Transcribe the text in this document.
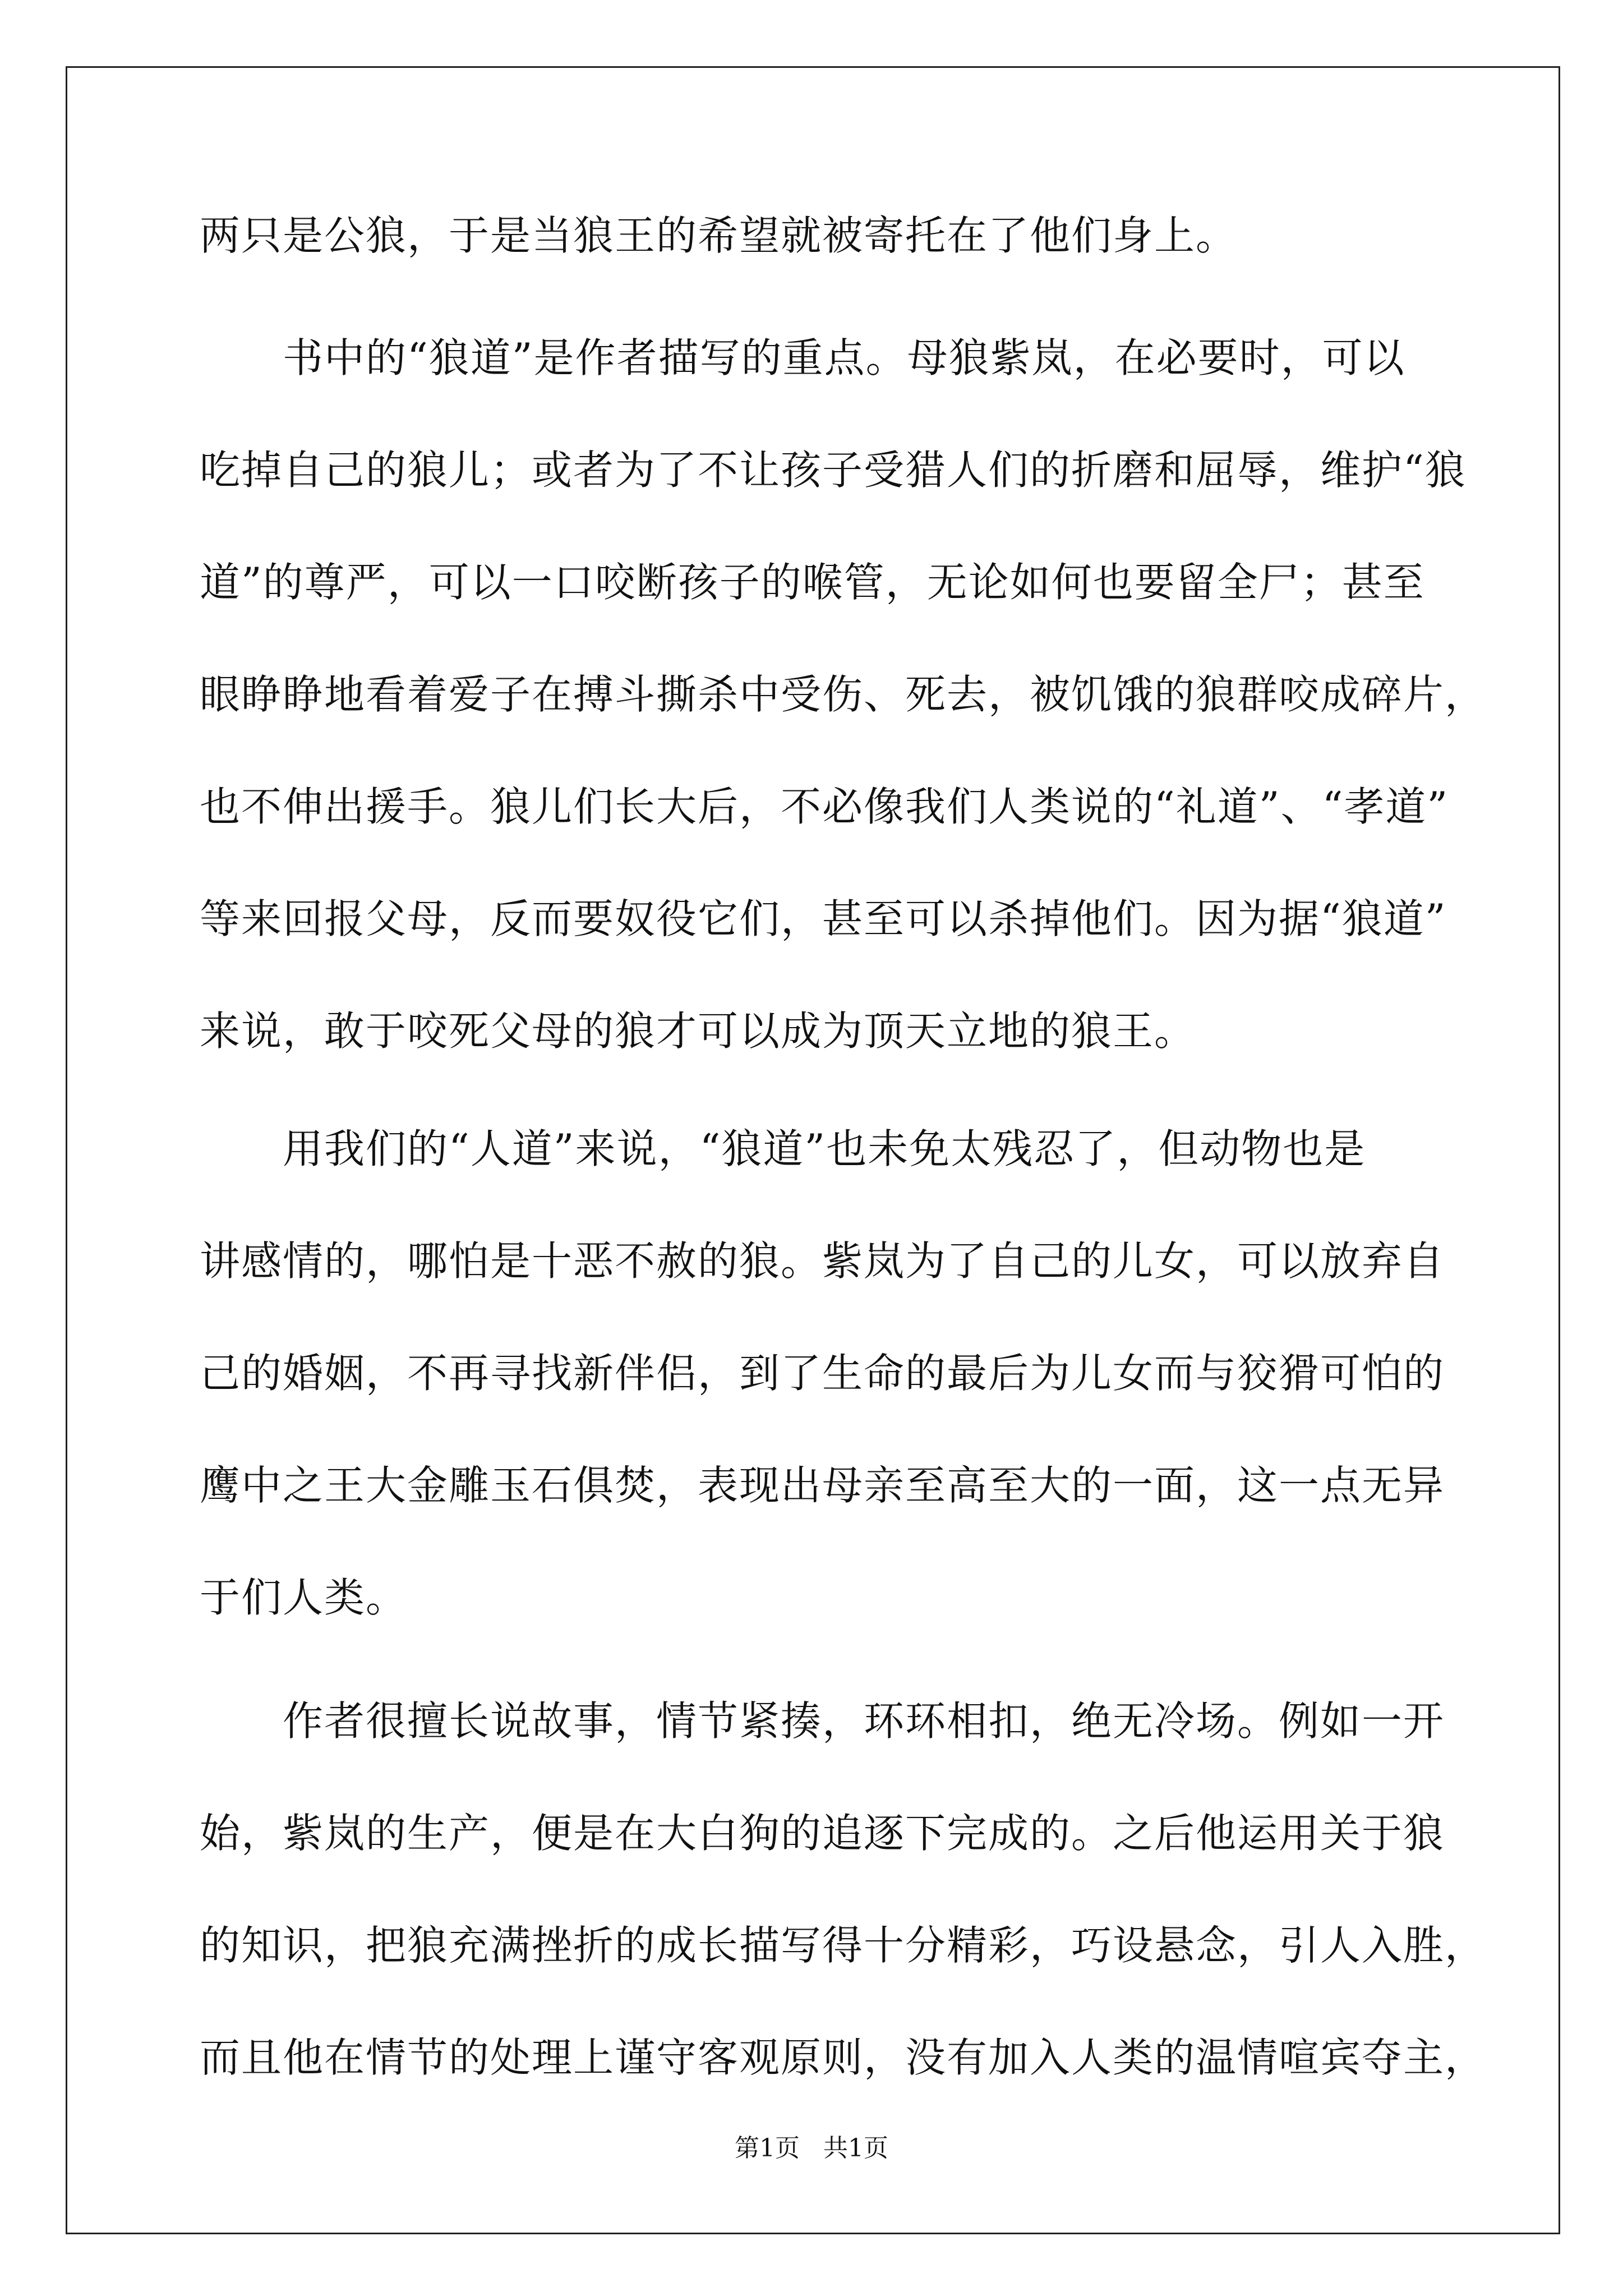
两只是公狼，于是当狼王的希望就被寄托在了他们身上。
　　书中的“狼道”是作者描写的重点。母狼紫岚，在必要时，可以
吃掉自己的狼儿；或者为了不让孩子受猎人们的折磨和屈辱，维护“狼
道”的尊严，可以一口咬断孩子的喉管，无论如何也要留全尸；甚至
眼睁睁地看着爱子在搏斗撕杀中受伤、死去，被饥饿的狼群咬成碎片，
也不伸出援手。狼儿们长大后，不必像我们人类说的“礼道”、“孝道”
等来回报父母，反而要奴役它们，甚至可以杀掉他们。因为据“狼道”
来说，敢于咬死父母的狼才可以成为顶天立地的狼王。
　　用我们的“人道”来说，“狼道”也未免太残忍了，但动物也是
讲感情的，哪怕是十恶不赦的狼。紫岚为了自己的儿女，可以放弃自
己的婚姻，不再寻找新伴侣，到了生命的最后为儿女而与狡猾可怕的
鹰中之王大金雕玉石俱焚，表现出母亲至高至大的一面，这一点无异
于们人类。
　　作者很擅长说故事，情节紧揍，环环相扣，绝无冷场。例如一开
始，紫岚的生产，便是在大白狗的追逐下完成的。之后他运用关于狼
的知识，把狼充满挫折的成长描写得十分精彩，巧设悬念，引人入胜，
而且他在情节的处理上谨守客观原则，没有加入人类的温情喧宾夺主，
第1页 共1页
